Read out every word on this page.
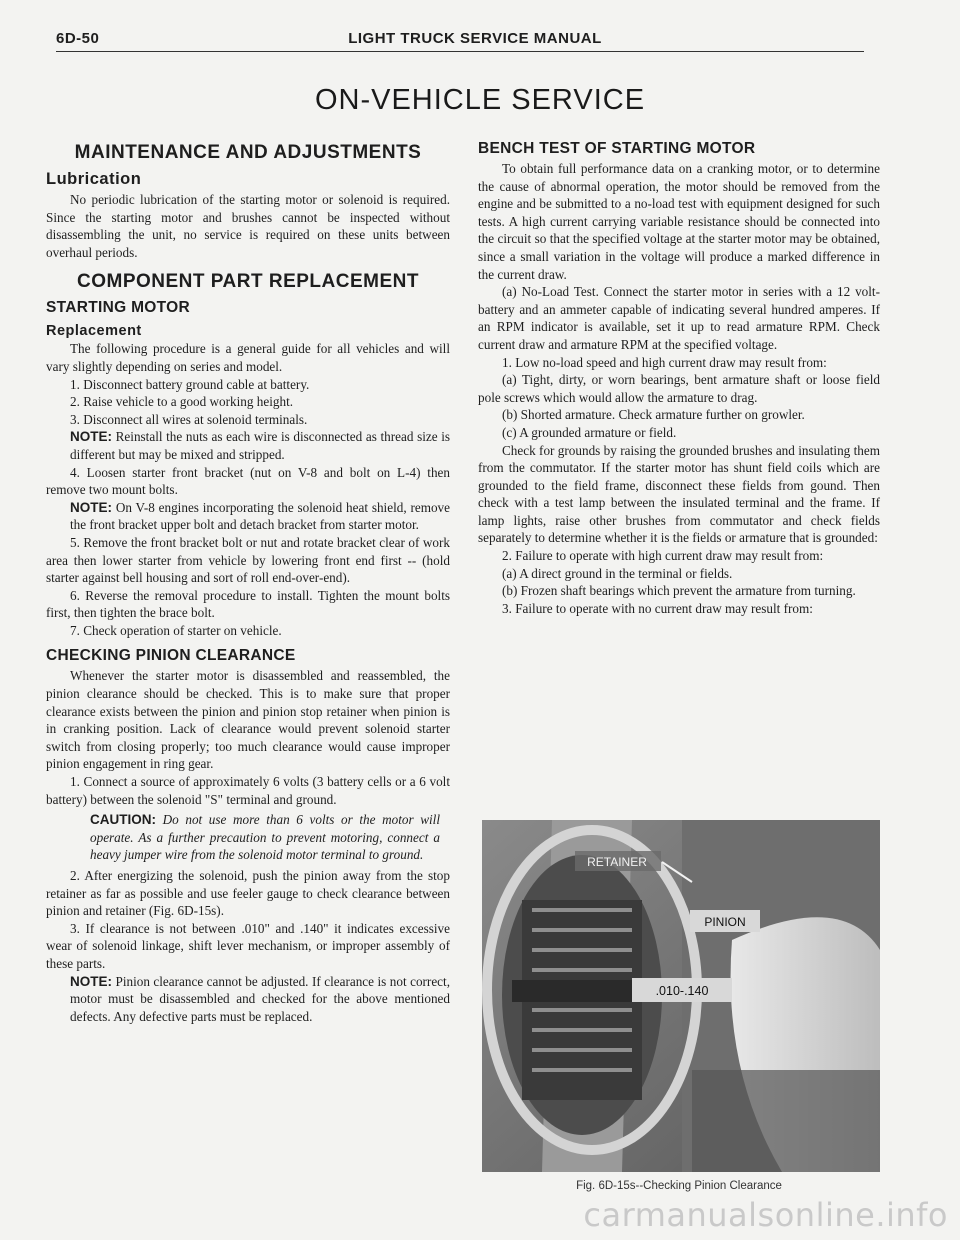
6D-50	LIGHT TRUCK SERVICE MANUAL
ON-VEHICLE SERVICE
MAINTENANCE AND ADJUSTMENTS
Lubrication

No periodic lubrication of the starting motor or solenoid is required. Since the starting motor and brushes cannot be inspected without disassembling the unit, no service is required on these units between overhaul periods.

COMPONENT PART REPLACEMENT
STARTING MOTOR
Replacement

The following procedure is a general guide for all vehicles and will vary slightly depending on series and model.

1. Disconnect battery ground cable at battery.

2. Raise vehicle to a good working height.

3. Disconnect all wires at solenoid terminals.

NOTE: Reinstall the nuts as each wire is disconnected as thread size is different but may be mixed and stripped.

4. Loosen starter front bracket (nut on V-8 and bolt on L-4) then remove two mount bolts.

NOTE: On V-8 engines incorporating the solenoid heat shield, remove the front bracket upper bolt and detach bracket from starter motor.

5. Remove the front bracket bolt or nut and rotate bracket clear of work area then lower starter from vehicle by lowering front end first -- (hold starter against bell housing and sort of roll end-over-end).

6. Reverse the removal procedure to install. Tighten the mount bolts first, then tighten the brace bolt.

7. Check operation of starter on vehicle.

CHECKING PINION CLEARANCE

Whenever the starter motor is disassembled and reassembled, the pinion clearance should be checked. This is to make sure that proper clearance exists between the pinion and pinion stop retainer when pinion is in cranking position. Lack of clearance would prevent solenoid starter switch from closing properly; too much clearance would cause improper pinion engagement in ring gear.

1. Connect a source of approximately 6 volts (3 battery cells or a 6 volt battery) between the solenoid "S" terminal and ground.

CAUTION: Do not use more than 6 volts or the motor will operate. As a further precaution to prevent motoring, connect a heavy jumper wire from the solenoid motor terminal to ground.

2. After energizing the solenoid, push the pinion away from the stop retainer as far as possible and use feeler gauge to check clearance between pinion and retainer (Fig. 6D-15s).

3. If clearance is not between .010" and .140" it indicates excessive wear of solenoid linkage, shift lever mechanism, or improper assembly of these parts.

NOTE: Pinion clearance cannot be adjusted. If clearance is not correct, motor must be disassembled and checked for the above mentioned defects. Any defective parts must be replaced.

BENCH TEST OF STARTING MOTOR

To obtain full performance data on a cranking motor, or to determine the cause of abnormal operation, the motor should be removed from the engine and be submitted to a no-load test with equipment designed for such tests. A high current carrying variable resistance should be connected into the circuit so that the specified voltage at the starter motor may be obtained, since a small variation in the voltage will produce a marked difference in the current draw.

(a) No-Load Test. Connect the starter motor in series with a 12 volt-battery and an ammeter capable of indicating several hundred amperes. If an RPM indicator is available, set it up to read armature RPM. Check current draw and armature RPM at the specified voltage.

1. Low no-load speed and high current draw may result from:

(a) Tight, dirty, or worn bearings, bent armature shaft or loose field pole screws which would allow the armature to drag.

(b) Shorted armature. Check armature further on growler.

(c) A grounded armature or field.

Check for grounds by raising the grounded brushes and insulating them from the commutator. If the starter motor has shunt field coils which are grounded to the field frame, disconnect these fields from gound. Then check with a test lamp between the insulated terminal and the frame. If lamp lights, raise other brushes from commutator and check fields separately to determine whether it is the fields or armature that is grounded:

2. Failure to operate with high current draw may result from:

(a) A direct ground in the terminal or fields.

(b) Frozen shaft bearings which prevent the armature from turning.

3. Failure to operate with no current draw may result from:

RETAINER
PINION
.010-.140
Fig. 6D-15s--Checking Pinion Clearance
carmanualsonline.info
